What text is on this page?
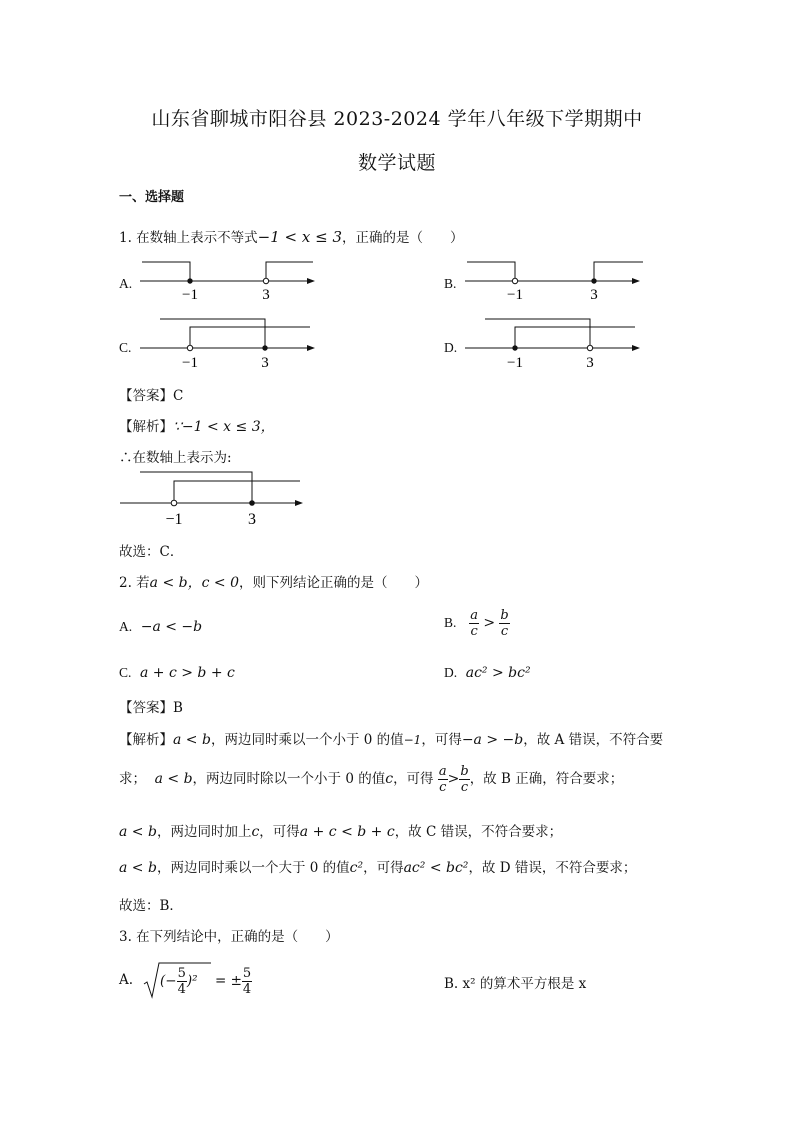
山东省聊城市阳谷县 2023-2024 学年八年级下学期期中
数学试题
一、选择题
1. 在数轴上表示不等式−1 < x ≤ 3，正确的是（　　）
A.
−1	3
B.
−1	3
C.
−1	3
D.
−1	3
【答案】C
【解析】∵−1 < x ≤ 3，
∴在数轴上表示为:
−1	3
故选：C．
2. 若a < b，c < 0，则下列结论正确的是（　　）
A. −a < −b	B. $\frac{a}{c} > \frac{b}{c}$
C. a + c > b + c	D. ac² > bc²
【答案】B
【解析】a < b，两边同时乘以一个小于 0 的值−1，可得−a > −b，故 A 错误，不符合要
求； a < b，两边同时除以一个小于 0 的值c，可得 $\frac{a}{c} > \frac{b}{c}$ ，故 B 正确，符合要求；
a < b，两边同时加上c，可得a + c < b + c，故 C 错误，不符合要求；
a < b，两边同时乘以一个大于 0 的值c²，可得ac² < bc²，故 D 错误，不符合要求；
故选：B．
3. 在下列结论中，正确的是（　　）
A. (− $\frac{5}{4} )^2$ = ± $\frac{5}{4}$	B. x² 的算术平方根是 x
